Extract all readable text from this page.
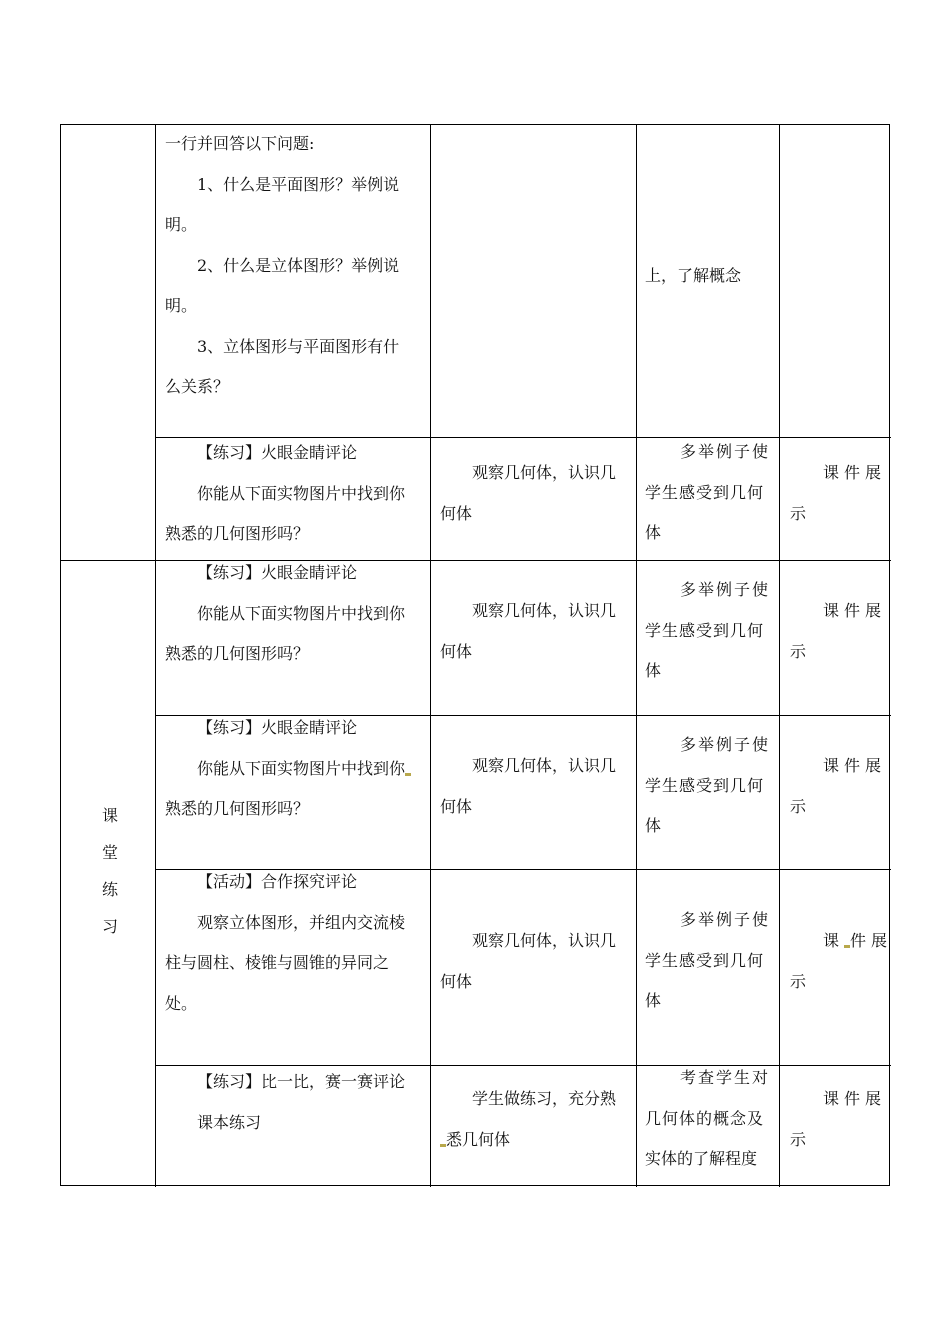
一行并回答以下问题:

1、什么是平面图形？举例说

明。

2、什么是立体图形？举例说

明。

3、立体图形与平面图形有什

么关系？

上，了解概念

【练习】火眼金睛评论

你能从下面实物图片中找到你

熟悉的几何图形吗？

观察几何体，认识几

何体

多举例子使

学生感受到几何

体

课件展

示

【练习】火眼金睛评论

你能从下面实物图片中找到你

熟悉的几何图形吗？

观察几何体，认识几

何体

多举例子使

学生感受到几何

体

课件展

示

【练习】火眼金睛评论

你能从下面实物图片中找到你

熟悉的几何图形吗？

观察几何体，认识几

何体

多举例子使

学生感受到几何

体

课件展

示

课
堂
练
习

【活动】合作探究评论

观察立体图形，并组内交流棱

柱与圆柱、棱锥与圆锥的异同之

处。

观察几何体，认识几

何体

多举例子使

学生感受到几何

体

课 件展

示

【练习】比一比，赛一赛评论

课本练习

学生做练习，充分熟

悉几何体

考查学生对

几何体的概念及

实体的了解程度

课件展

示
